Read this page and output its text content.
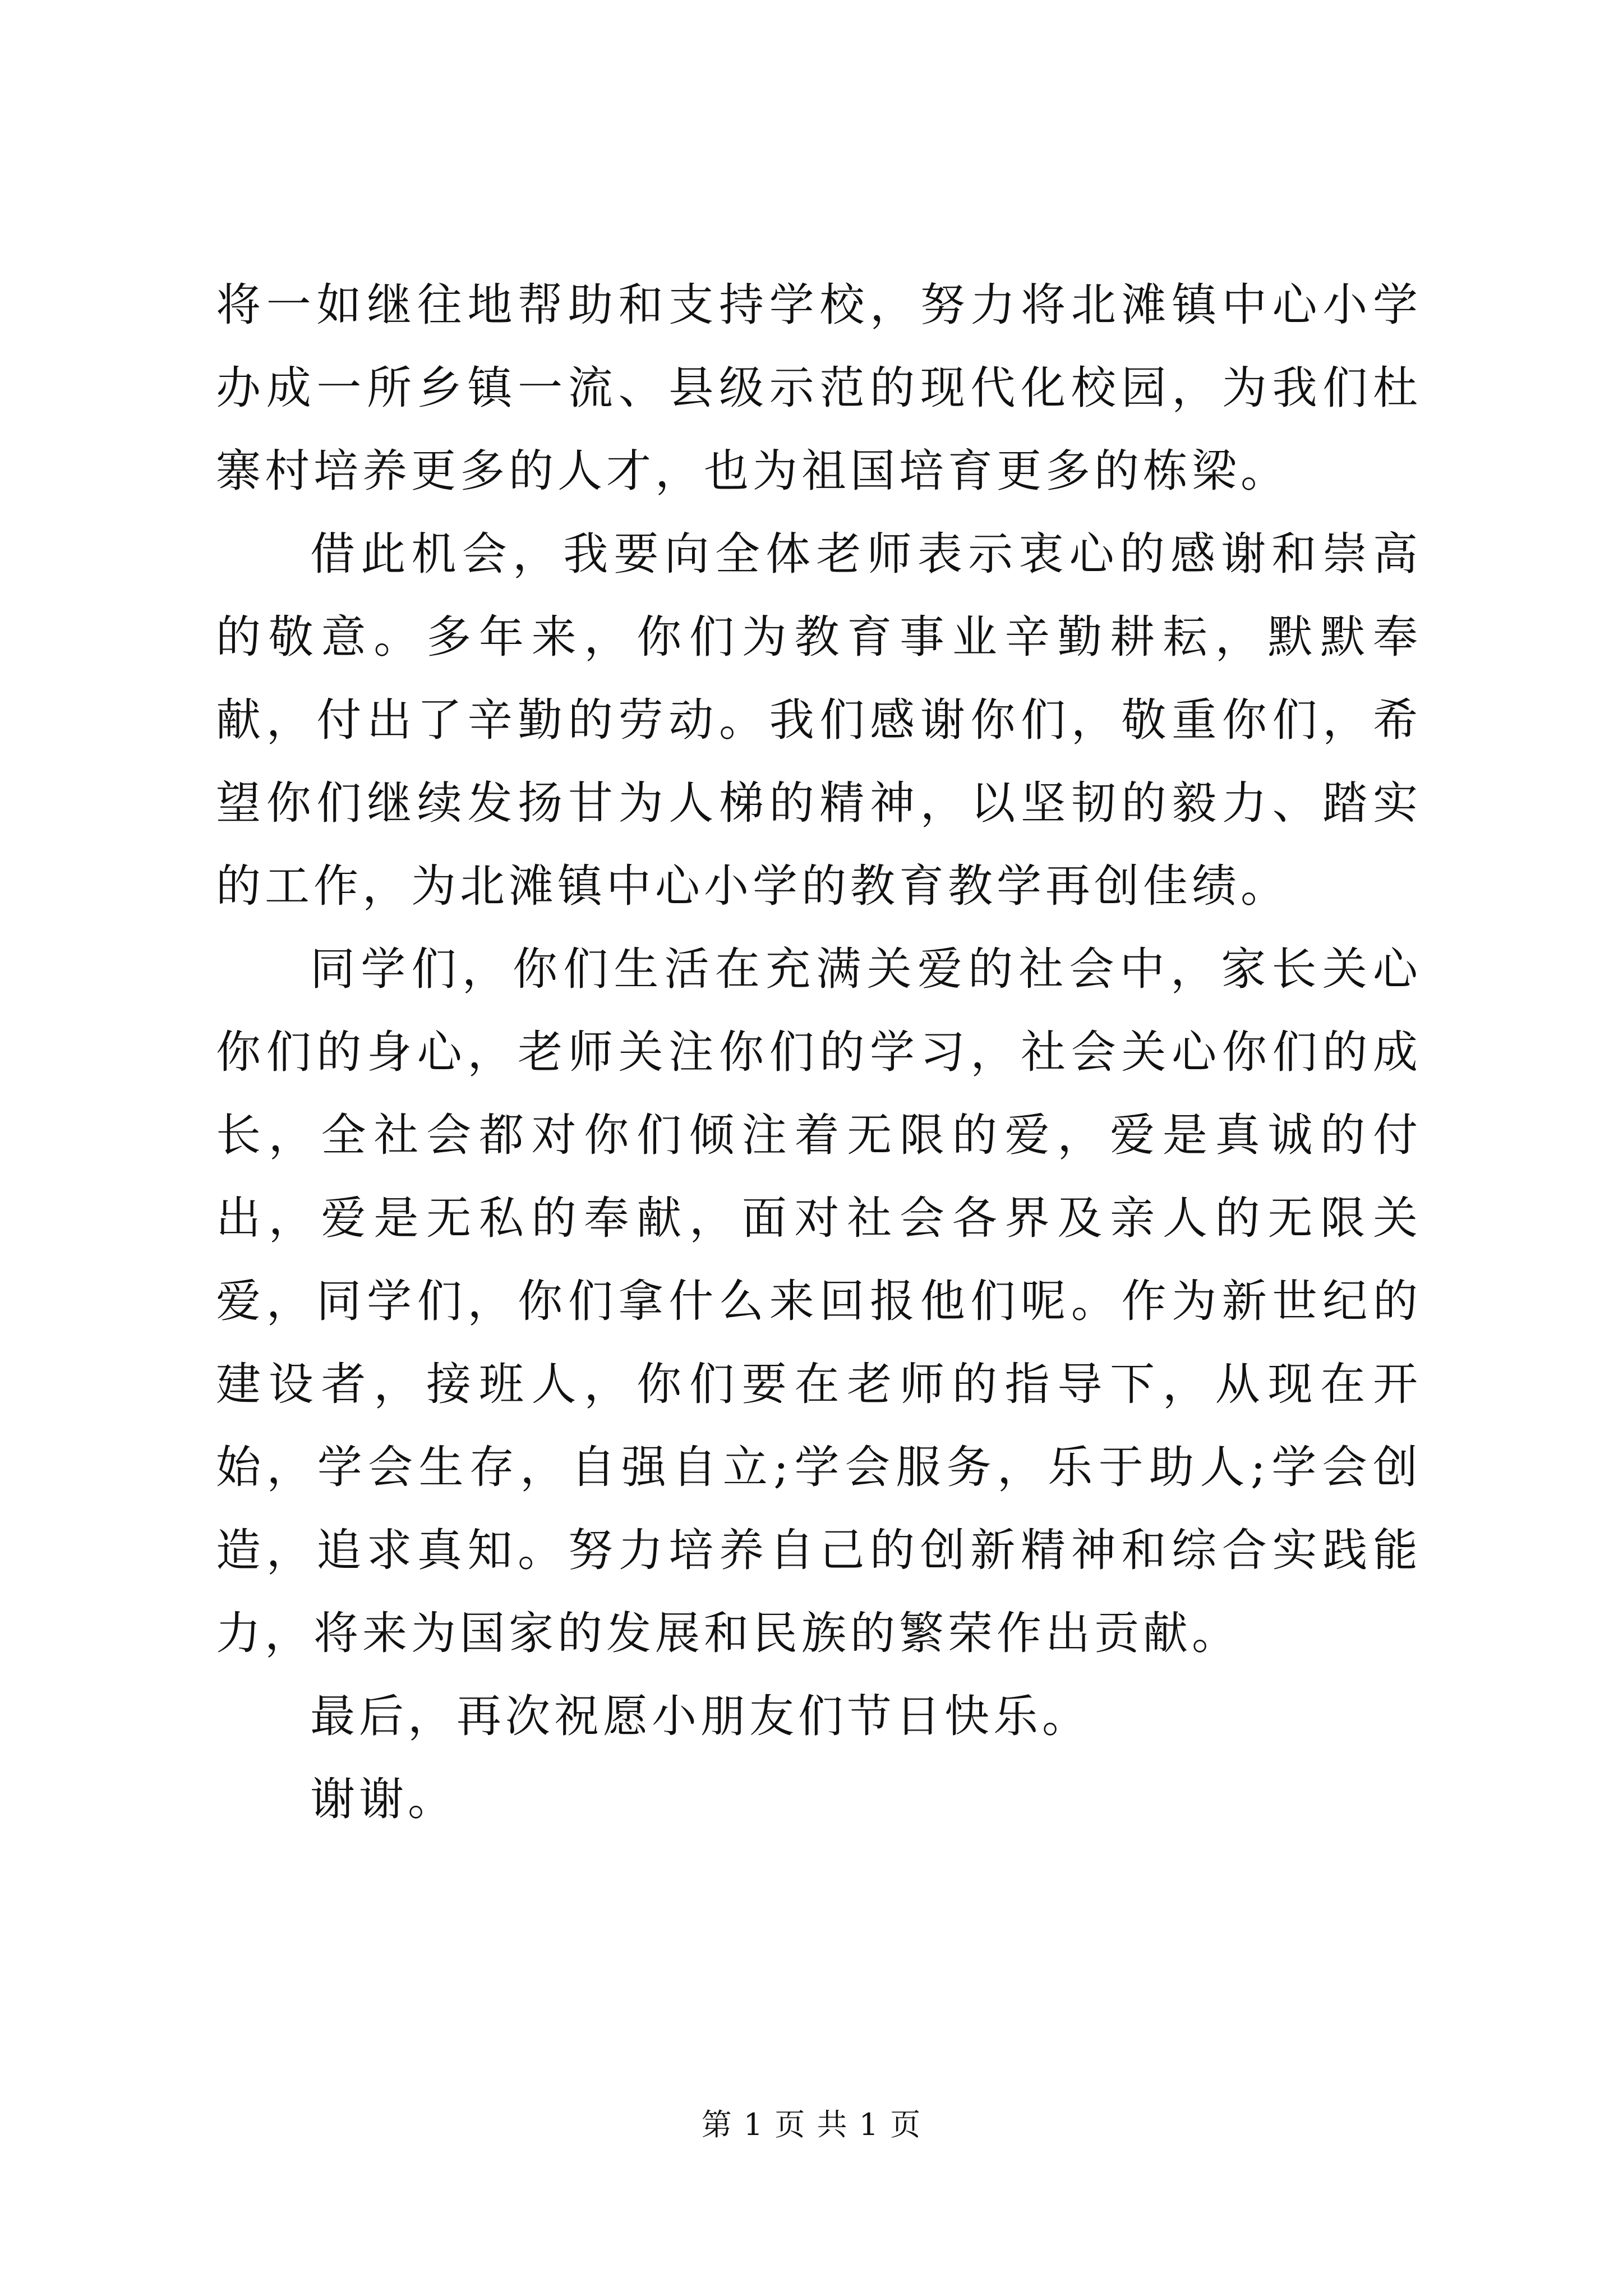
将一如继往地帮助和支持学校，努力将北滩镇中心小学办成一所乡镇一流、县级示范的现代化校园，为我们杜寨村培养更多的人才，也为祖国培育更多的栋梁。

借此机会，我要向全体老师表示衷心的感谢和崇高的敬意。多年来，你们为教育事业辛勤耕耘，默默奉献，付出了辛勤的劳动。我们感谢你们，敬重你们，希望你们继续发扬甘为人梯的精神，以坚韧的毅力、踏实的工作，为北滩镇中心小学的教育教学再创佳绩。

同学们，你们生活在充满关爱的社会中，家长关心你们的身心，老师关注你们的学习，社会关心你们的成长，全社会都对你们倾注着无限的爱，爱是真诚的付出，爱是无私的奉献，面对社会各界及亲人的无限关爱，同学们，你们拿什么来回报他们呢。作为新世纪的建设者，接班人，你们要在老师的指导下，从现在开始，学会生存，自强自立;学会服务，乐于助人;学会创造，追求真知。努力培养自己的创新精神和综合实践能力，将来为国家的发展和民族的繁荣作出贡献。

最后，再次祝愿小朋友们节日快乐。

谢谢。

第 1 页 共 1 页
